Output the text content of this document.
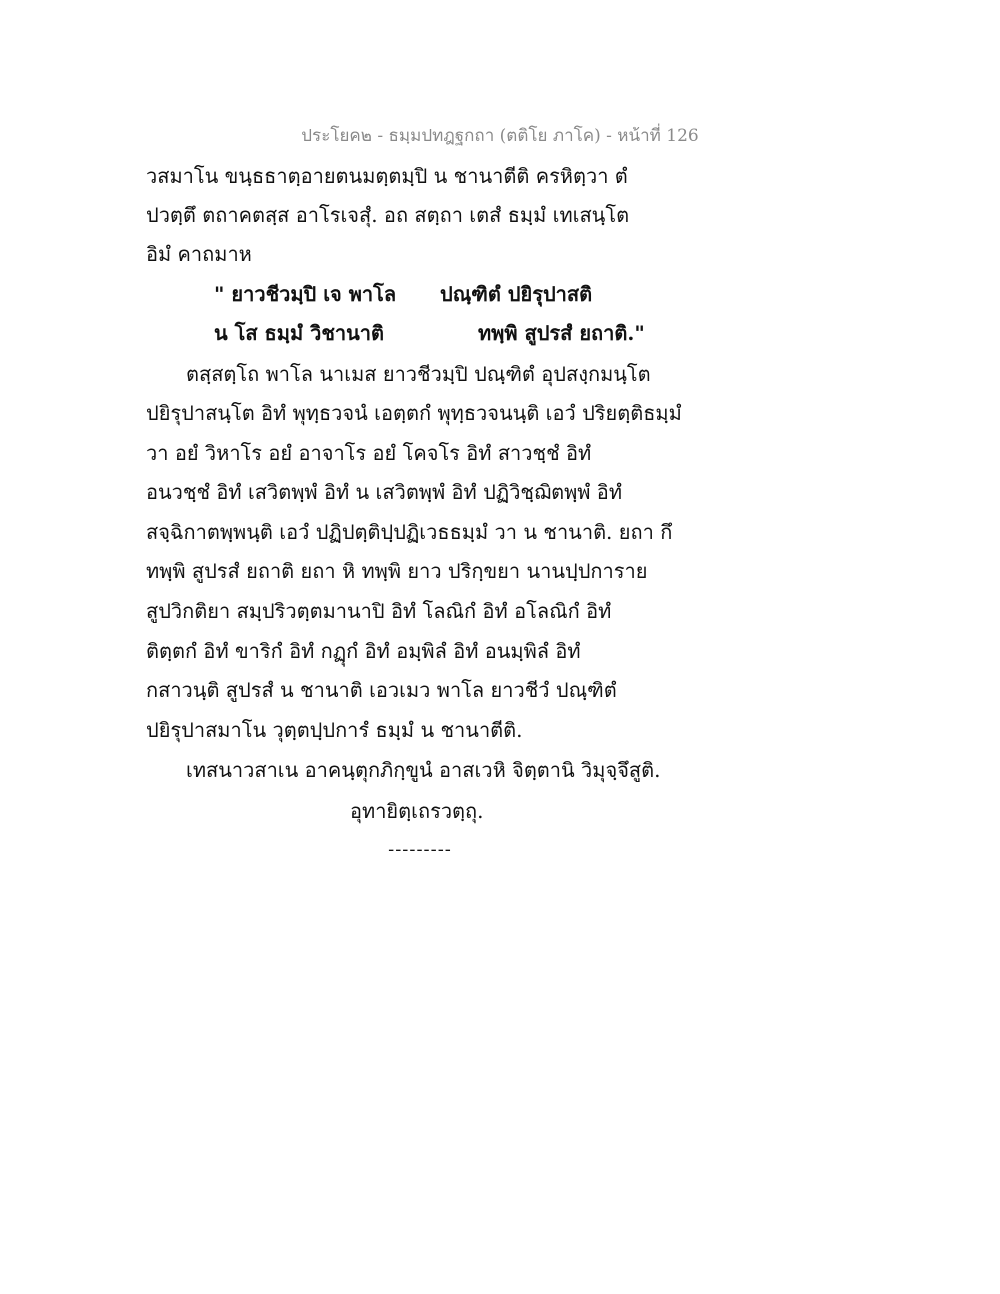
ประโยค๒ - ธมฺมปทฎฐกถา (ตติโย ภาโค) - หน้าที่ 126
วสมาโน ขนฺธธาตฺอายตนมตฺตมฺปิ น ชานาตีติ ครหิตฺวา ตํ
ปวตฺตึ ตถาคตสฺส อาโรเจสุํ. อถ สตฺถา เตสํ ธมฺมํ เทเสนฺโต
อิมํ คาถมาห
" ยาวชีวมฺปิ เจ พาโล ปณฺฑิตํ ปยิรุปาสติ
น โส ธมฺมํ วิชานาติ	ทพฺพิ สูปรสํ ยถาติ."
ตสฺสตฺโถ พาโล นาเมส ยาวชีวมฺปิ ปณฺฑิตํ อุปสงฺกมนฺโต
ปยิรุปาสนฺโต อิทํ พุทฺธวจนํ เอตฺตกํ พุทฺธวจนนฺติ เอวํ ปริยตฺติธมฺมํ
วา อยํ วิหาโร อยํ อาจาโร อยํ โคจโร อิทํ สาวชฺชํ อิทํ
อนวชฺชํ อิทํ เสวิตพฺพํ อิทํ น เสวิตพฺพํ อิทํ ปฏิวิชฺฌิตพฺพํ อิทํ
สจฺฉิกาตพฺพนฺติ เอวํ ปฏิปตฺติปฺปฏิเวธธมฺมํ วา น ชานาติ. ยถา กึ
ทพฺพิ สูปรสํ ยถาติ ยถา หิ ทพฺพิ ยาว ปริกฺขยา นานปฺปการาย
สูปวิกติยา สมฺปริวตฺตมานาปิ อิทํ โลณิกํ อิทํ อโลณิกํ อิทํ
ติตฺตกํ อิทํ ขาริกํ อิทํ กฏุกํ อิทํ อมฺพิลํ อิทํ อนมฺพิลํ อิทํ
กสาวนฺติ สูปรสํ น ชานาติ เอวเมว พาโล ยาวชีวํ ปณฺฑิตํ
ปยิรุปาสมาโน วุตฺตปฺปการํ ธมฺมํ น ชานาตีติ.
เทสนาวสาเน อาคนฺตุกภิกฺขูนํ อาสเวหิ จิตฺตานิ วิมุจฺจึสูติ.
อุทายิตฺเถรวตฺถุ.
---------
